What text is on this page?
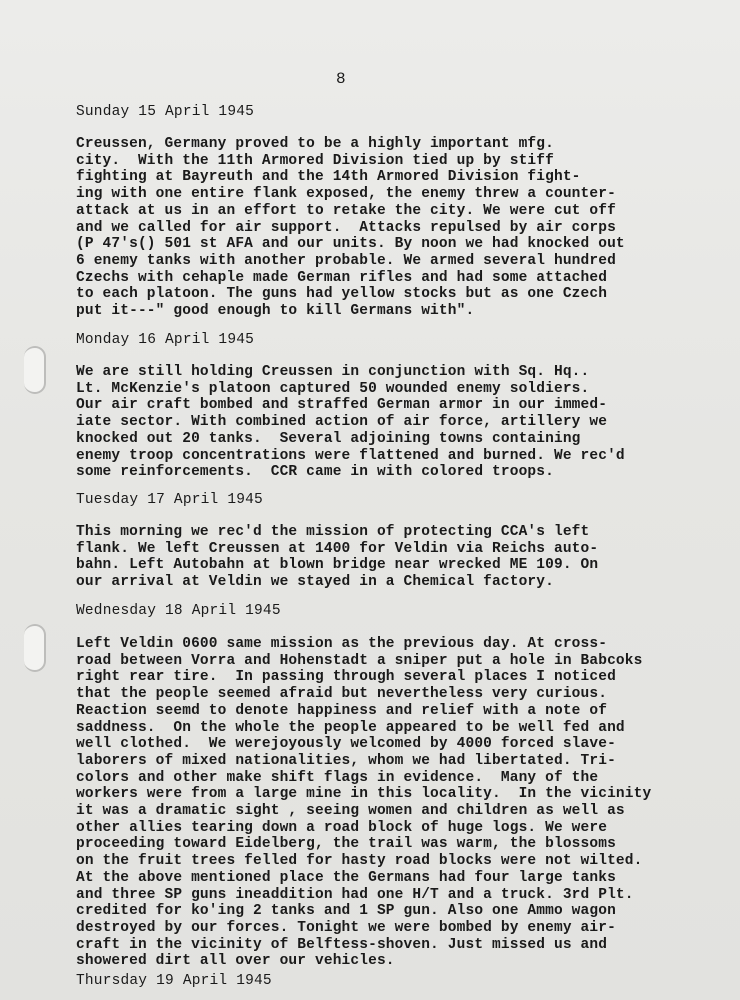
8
Sunday 15 April 1945
Creussen, Germany proved to be a highly important mfg.
city.  With the 11th Armored Division tied up by stiff
fighting at Bayreuth and the 14th Armored Division fight-
ing with one entire flank exposed, the enemy threw a counter-
attack at us in an effort to retake the city. We were cut off
and we called for air support.  Attacks repulsed by air corps
(P 47's() 501 st AFA and our units. By noon we had knocked out
6 enemy tanks with another probable. We armed several hundred
Czechs with cehaple made German rifles and had some attached
to each platoon. The guns had yellow stocks but as one Czech
put it---" good enough to kill Germans with".
Monday 16 April 1945
We are still holding Creussen in conjunction with Sq. Hq..
Lt. McKenzie's platoon captured 50 wounded enemy soldiers.
Our air craft bombed and straffed German armor in our immed-
iate sector. With combined action of air force, artillery we
knocked out 20 tanks.  Several adjoining towns containing
enemy troop concentrations were flattened and burned. We rec'd
some reinforcements.  CCR came in with colored troops.
Tuesday 17 April 1945
This morning we rec'd the mission of protecting CCA's left
flank. We left Creussen at 1400 for Veldin via Reichs auto-
bahn. Left Autobahn at blown bridge near wrecked ME 109. On
our arrival at Veldin we stayed in a Chemical factory.
Wednesday 18 April 1945
Left Veldin 0600 same mission as the previous day. At cross-
road between Vorra and Hohenstadt a sniper put a hole in Babcoks
right rear tire.  In passing through several places I noticed
that the people seemed afraid but nevertheless very curious.
Reaction seemd to denote happiness and relief with a note of
saddness.  On the whole the people appeared to be well fed and
well clothed.  We werejoyously welcomed by 4000 forced slave-
laborers of mixed nationalities, whom we had libertated. Tri-
colors and other make shift flags in evidence.  Many of the
workers were from a large mine in this locality.  In the vicinity
it was a dramatic sight , seeing women and children as well as
other allies tearing down a road block of huge logs. We were
proceeding toward Eidelberg, the trail was warm, the blossoms
on the fruit trees felled for hasty road blocks were not wilted.
At the above mentioned place the Germans had four large tanks
and three SP guns ineaddition had one H/T and a truck. 3rd Plt.
credited for ko'ing 2 tanks and 1 SP gun. Also one Ammo wagon
destroyed by our forces. Tonight we were bombed by enemy air-
craft in the vicinity of Belftess-shoven. Just missed us and
showered dirt all over our vehicles.
Thursday 19 April 1945
